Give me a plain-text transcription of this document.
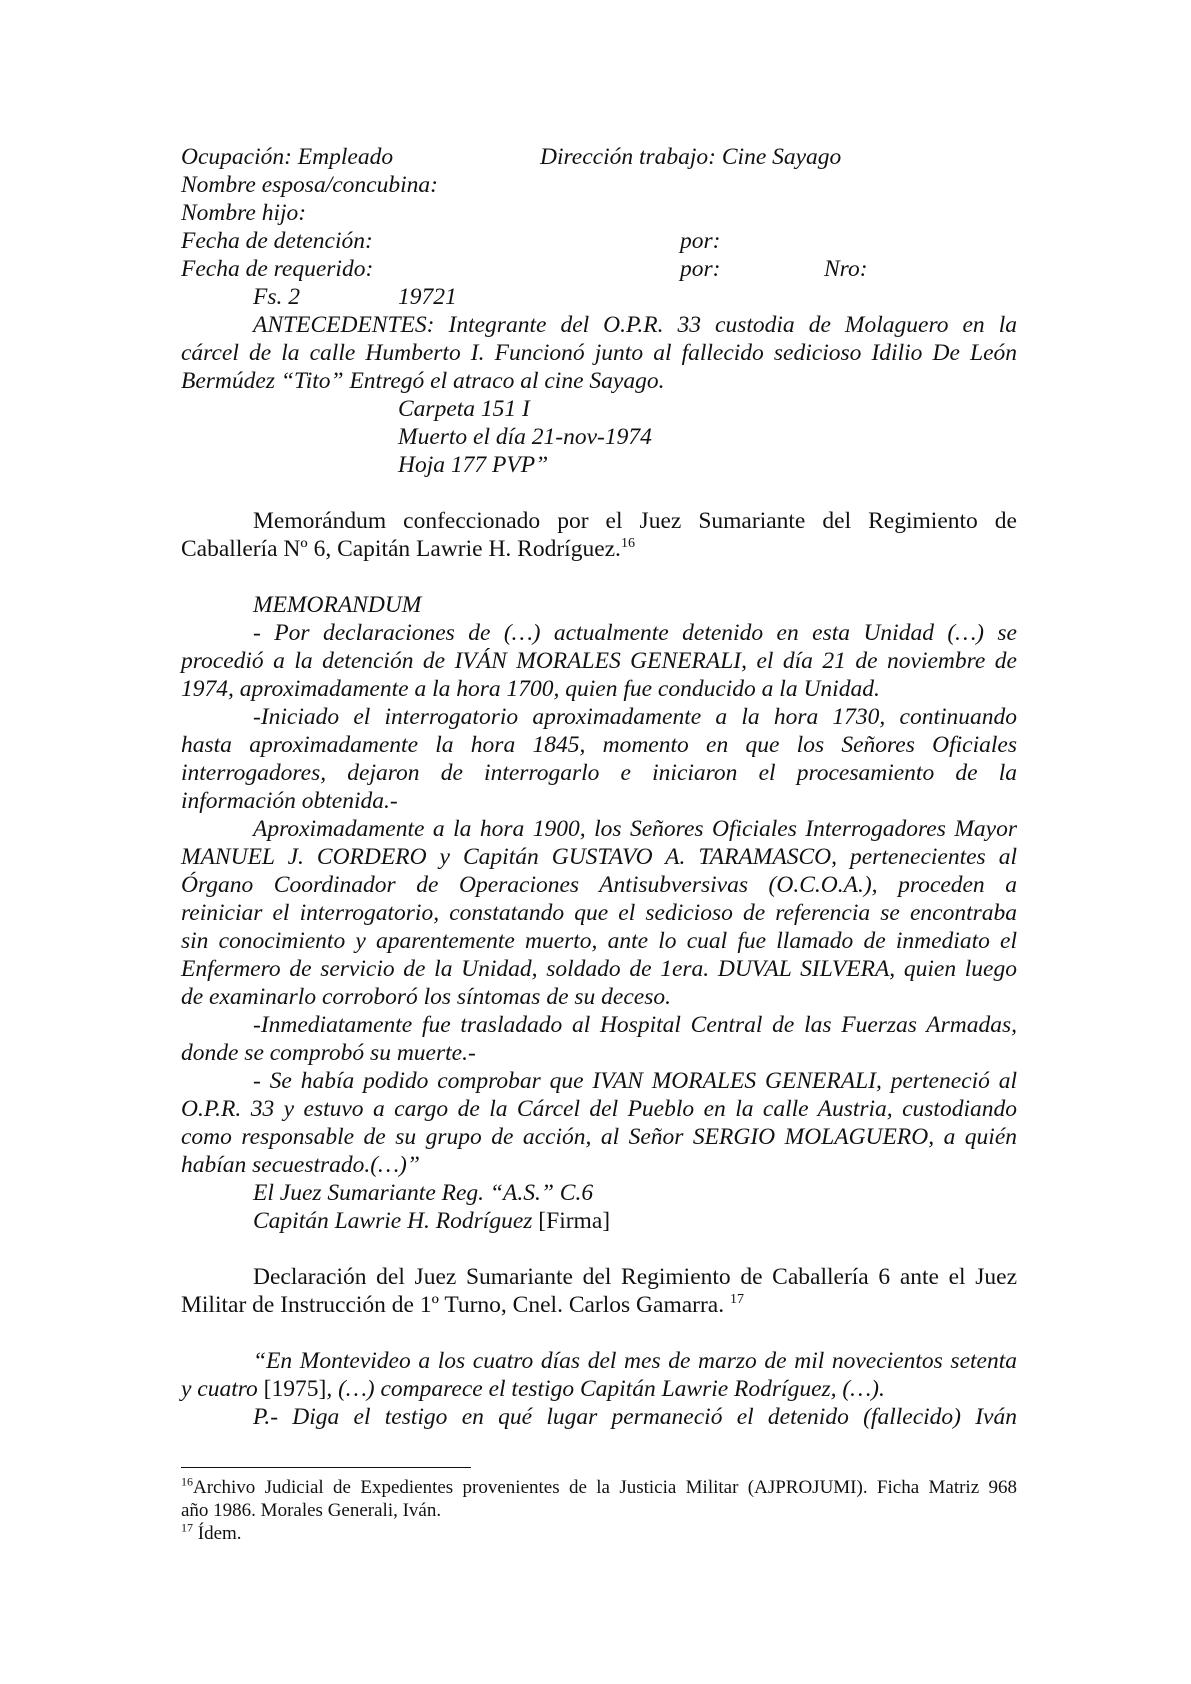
Ocupación: Empleado	Dirección trabajo: Cine Sayago
Nombre esposa/concubina:
Nombre hijo:
Fecha de detención:	por:
Fecha de requerido:	por:	Nro:
Fs. 2	19721
ANTECEDENTES: Integrante del O.P.R. 33 custodia de Molaguero en la
cárcel de la calle Humberto I. Funcionó junto al fallecido sedicioso Idilio De León
Bermúdez “Tito” Entregó el atraco al cine Sayago.
Carpeta 151 I
Muerto el día 21-nov-1974
Hoja 177 PVP”
Memorándum confeccionado por el Juez Sumariante del Regimiento de
Caballería Nº 6, Capitán Lawrie H. Rodríguez.$^{16}$
MEMORANDUM
- Por declaraciones de (…) actualmente detenido en esta Unidad (…) se
procedió a la detención de IVÁN MORALES GENERALI, el día 21 de noviembre de
1974, aproximadamente a la hora 1700, quien fue conducido a la Unidad.
-Iniciado el interrogatorio aproximadamente a la hora 1730, continuando
hasta aproximadamente la hora 1845, momento en que los Señores Oficiales
interrogadores, dejaron de interrogarlo e iniciaron el procesamiento de la
información obtenida.-
Aproximadamente a la hora 1900, los Señores Oficiales Interrogadores Mayor
MANUEL J. CORDERO y Capitán GUSTAVO A. TARAMASCO, pertenecientes al
Órgano Coordinador de Operaciones Antisubversivas (O.C.O.A.), proceden a
reiniciar el interrogatorio, constatando que el sedicioso de referencia se encontraba
sin conocimiento y aparentemente muerto, ante lo cual fue llamado de inmediato el
Enfermero de servicio de la Unidad, soldado de 1era. DUVAL SILVERA, quien luego
de examinarlo corroboró los síntomas de su deceso.
-Inmediatamente fue trasladado al Hospital Central de las Fuerzas Armadas,
donde se comprobó su muerte.-
- Se había podido comprobar que IVAN MORALES GENERALI, perteneció al
O.P.R. 33 y estuvo a cargo de la Cárcel del Pueblo en la calle Austria, custodiando
como responsable de su grupo de acción, al Señor SERGIO MOLAGUERO, a quién
habían secuestrado.(…)”
El Juez Sumariante Reg. “A.S.” C.6
Capitán Lawrie H. Rodríguez [Firma]
Declaración del Juez Sumariante del Regimiento de Caballería 6 ante el Juez
Militar de Instrucción de 1º Turno, Cnel. Carlos Gamarra. $^{17}$
“En Montevideo a los cuatro días del mes de marzo de mil novecientos setenta
y cuatro [1975], (…) comparece el testigo Capitán Lawrie Rodríguez, (…).
P.- Diga el testigo en qué lugar permaneció el detenido (fallecido) Iván
$^{16}$Archivo Judicial de Expedientes provenientes de la Justicia Militar (AJPROJUMI). Ficha Matriz 968
año 1986. Morales Generali, Iván.
$^{17}$ Ídem.
